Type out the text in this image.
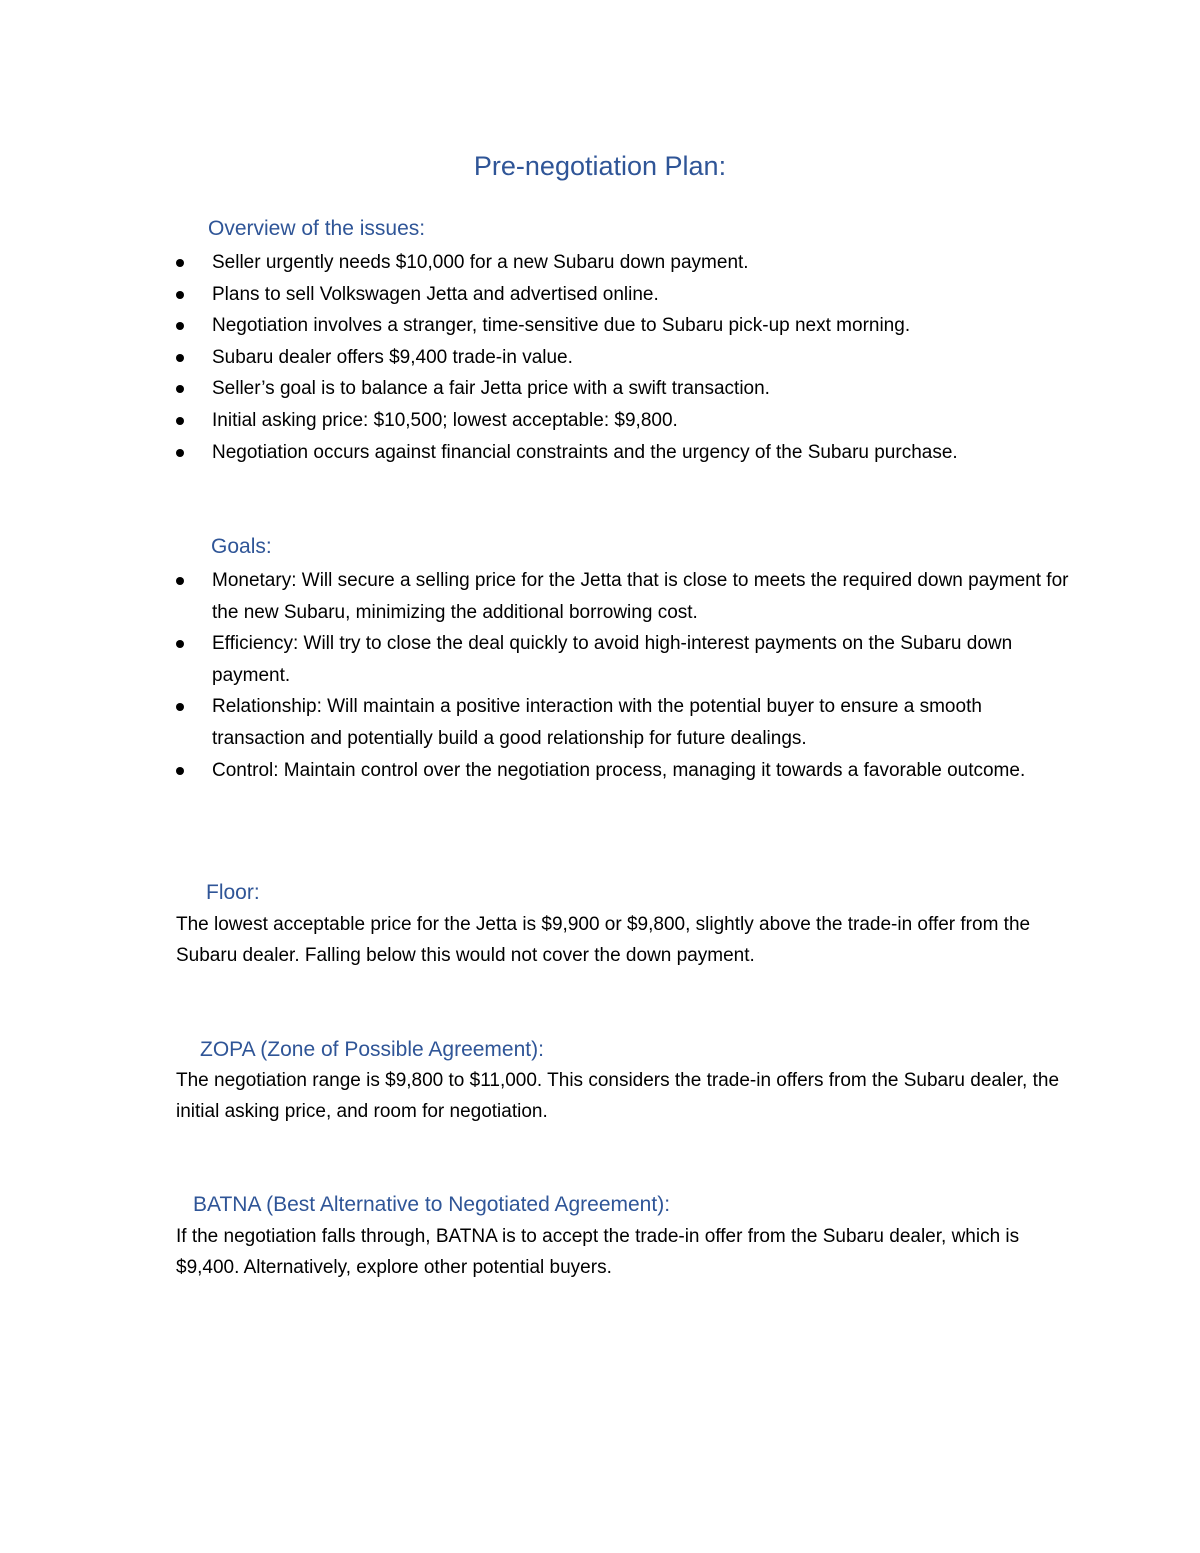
Pre-negotiation Plan:
Overview of the issues:
Seller urgently needs $10,000 for a new Subaru down payment.
Plans to sell Volkswagen Jetta and advertised online.
Negotiation involves a stranger, time-sensitive due to Subaru pick-up next morning.
Subaru dealer offers $9,400 trade-in value.
Seller’s goal is to balance a fair Jetta price with a swift transaction.
Initial asking price: $10,500; lowest acceptable: $9,800.
Negotiation occurs against financial constraints and the urgency of the Subaru purchase.
Goals:
Monetary: Will secure a selling price for the Jetta that is close to meets the required down payment for the new Subaru, minimizing the additional borrowing cost.
Efficiency: Will try to close the deal quickly to avoid high-interest payments on the Subaru down payment.
Relationship: Will maintain a positive interaction with the potential buyer to ensure a smooth transaction and potentially build a good relationship for future dealings.
Control: Maintain control over the negotiation process, managing it towards a favorable outcome.
Floor:

The lowest acceptable price for the Jetta is $9,900 or $9,800, slightly above the trade-in offer from the Subaru dealer. Falling below this would not cover the down payment.

ZOPA (Zone of Possible Agreement):

The negotiation range is $9,800 to $11,000. This considers the trade-in offers from the Subaru dealer, the initial asking price, and room for negotiation.

BATNA (Best Alternative to Negotiated Agreement):

If the negotiation falls through, BATNA is to accept the trade-in offer from the Subaru dealer, which is $9,400. Alternatively, explore other potential buyers.
